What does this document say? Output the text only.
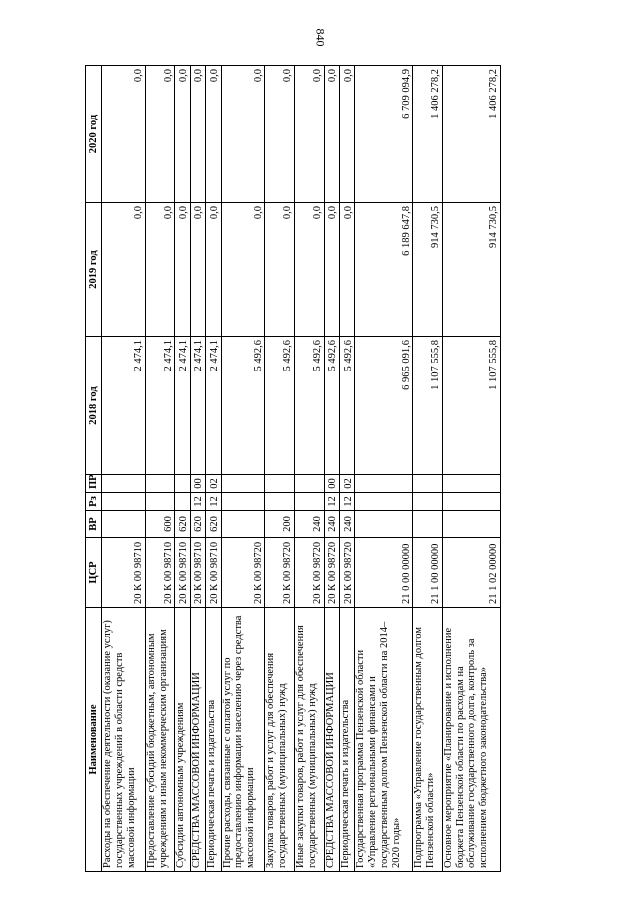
840
Наименование	ЦСР	ВР	Рз	ПР	2018 год	2019 год	2020 год
Расходы на обеспечение деятельности (оказание услуг) государственных учреждений в области средств массовой информации	20 К 00 98710				2 474,1	0,0	0,0
Предоставление субсидий бюджетным, автономным учреждениям и иным некоммерческим организациям	20 К 00 98710	600			2 474,1	0,0	0,0
Субсидии автономным учреждениям	20 К 00 98710	620			2 474,1	0,0	0,0
СРЕДСТВА МАССОВОЙ ИНФОРМАЦИИ	20 К 00 98710	620	12	00	2 474,1	0,0	0,0
Периодическая печать и издательства	20 К 00 98710	620	12	02	2 474,1	0,0	0,0
Прочие расходы, связанные с оплатой услуг по предоставлению информации населению через средства массовой информации	20 К 00 98720				5 492,6	0,0	0,0
Закупка товаров, работ и услуг для обеспечения государственных (муниципальных) нужд	20 К 00 98720	200			5 492,6	0,0	0,0
Иные закупки товаров, работ и услуг для обеспечения государственных (муниципальных) нужд	20 К 00 98720	240			5 492,6	0,0	0,0
СРЕДСТВА МАССОВОЙ ИНФОРМАЦИИ	20 К 00 98720	240	12	00	5 492,6	0,0	0,0
Периодическая печать и издательства	20 К 00 98720	240	12	02	5 492,6	0,0	0,0
Государственная программа Пензенской области «Управление региональными финансами и государственным долгом Пензенской области на 2014–2020 годы»	21 0 00 00000				6 965 091,6	6 189 647,8	6 709 094,9
Подпрограмма «Управление государственным долгом Пензенской области»	21 1 00 00000				1 107 555,8	914 730,5	1 406 278,2
Основное мероприятие «Планирование и исполнение бюджета Пензенской области по расходам на обслуживание государственного долга, контроль за исполнением бюджетного законодательства»	21 1 02 00000				1 107 555,8	914 730,5	1 406 278,2
